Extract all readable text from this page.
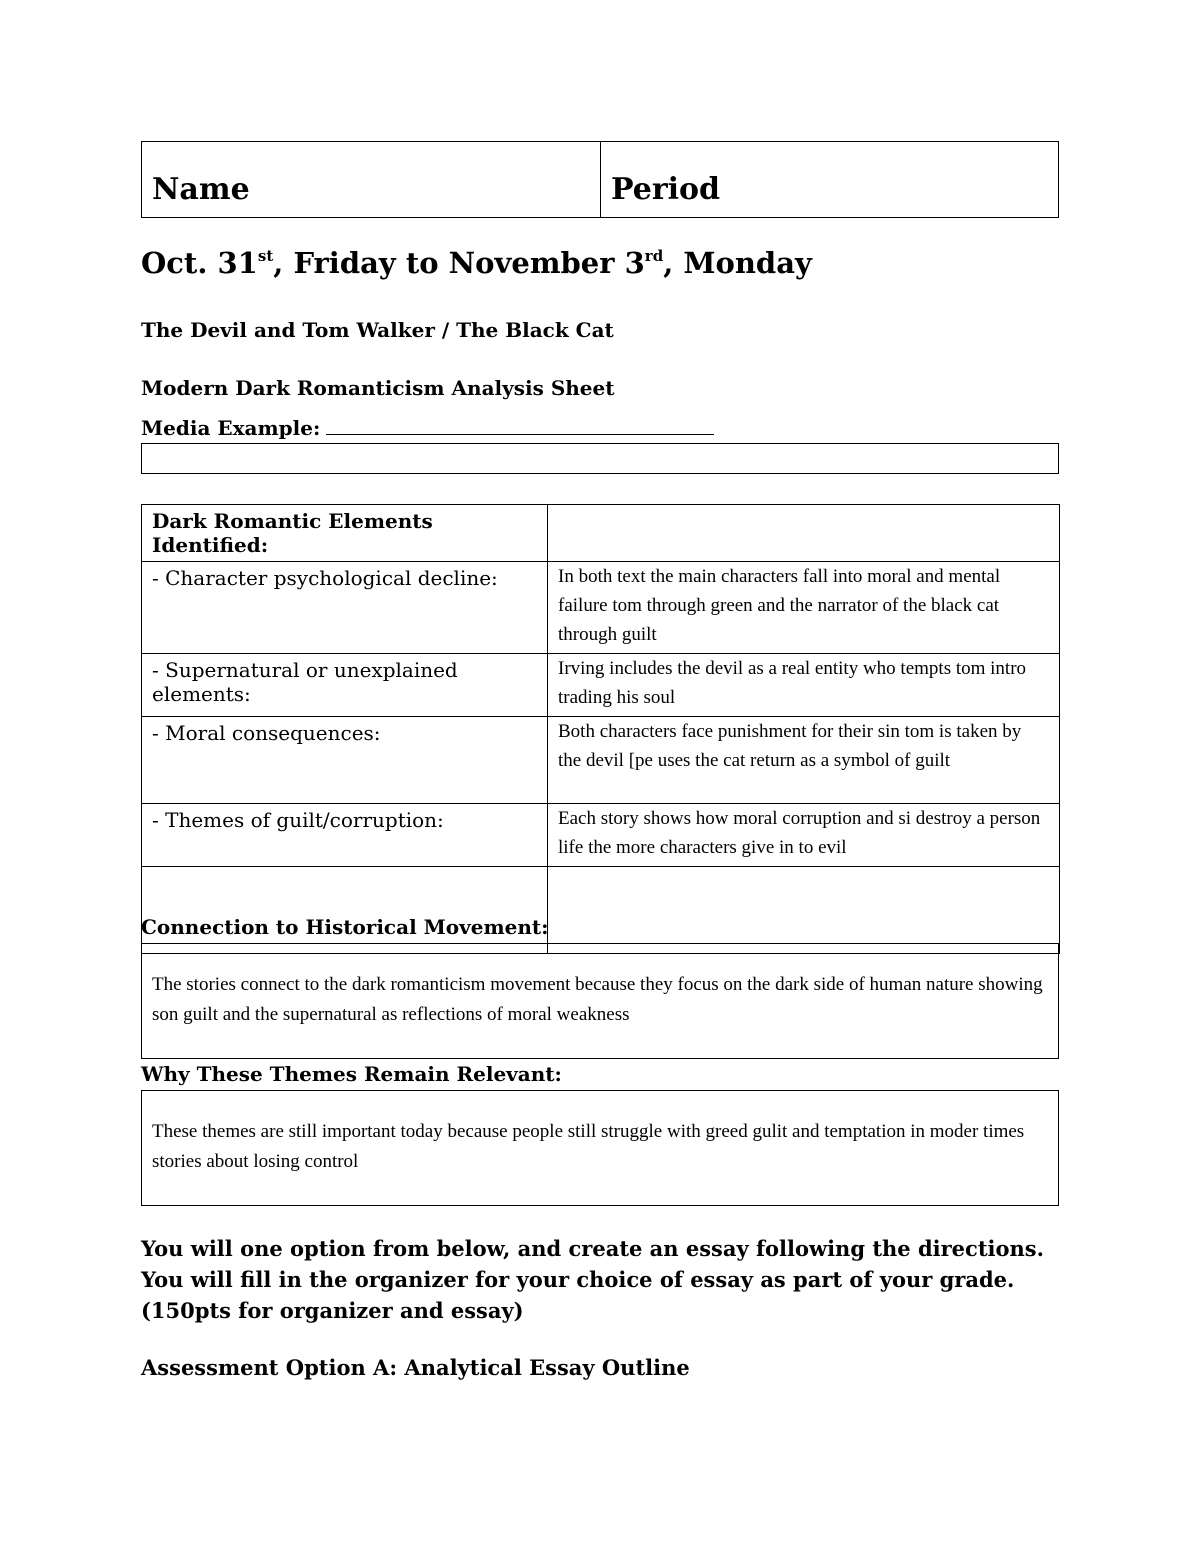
Name	Period
Oct. 31st, Friday to November 3rd, Monday
The Devil and Tom Walker / The Black Cat
Modern Dark Romanticism Analysis Sheet
Media Example:
Dark Romantic Elements Identified:	
- Character psychological decline:	In both text the main characters fall into moral and mental failure tom through green and the narrator of the black cat through guilt
- Supernatural or unexplained elements:	Irving includes the devil as a real entity who tempts tom intro trading his soul
- Moral consequences:	Both characters face punishment for their sin tom is taken by the devil [pe uses the cat return as a symbol of guilt
- Themes of guilt/corruption:	Each story shows how moral corruption and si destroy a person life the more characters give in to evil

Connection to Historical Movement:
The stories connect to the dark romanticism movement because they focus on the dark side of human nature showing son guilt and the supernatural as reflections of moral weakness
Why These Themes Remain Relevant:
These themes are still important today because people still struggle with greed gulit and temptation in moder times stories about losing control
You will one option from below, and create an essay following the directions. You will fill in the organizer for your choice of essay as part of your grade. (150pts for organizer and essay)
Assessment Option A: Analytical Essay Outline
